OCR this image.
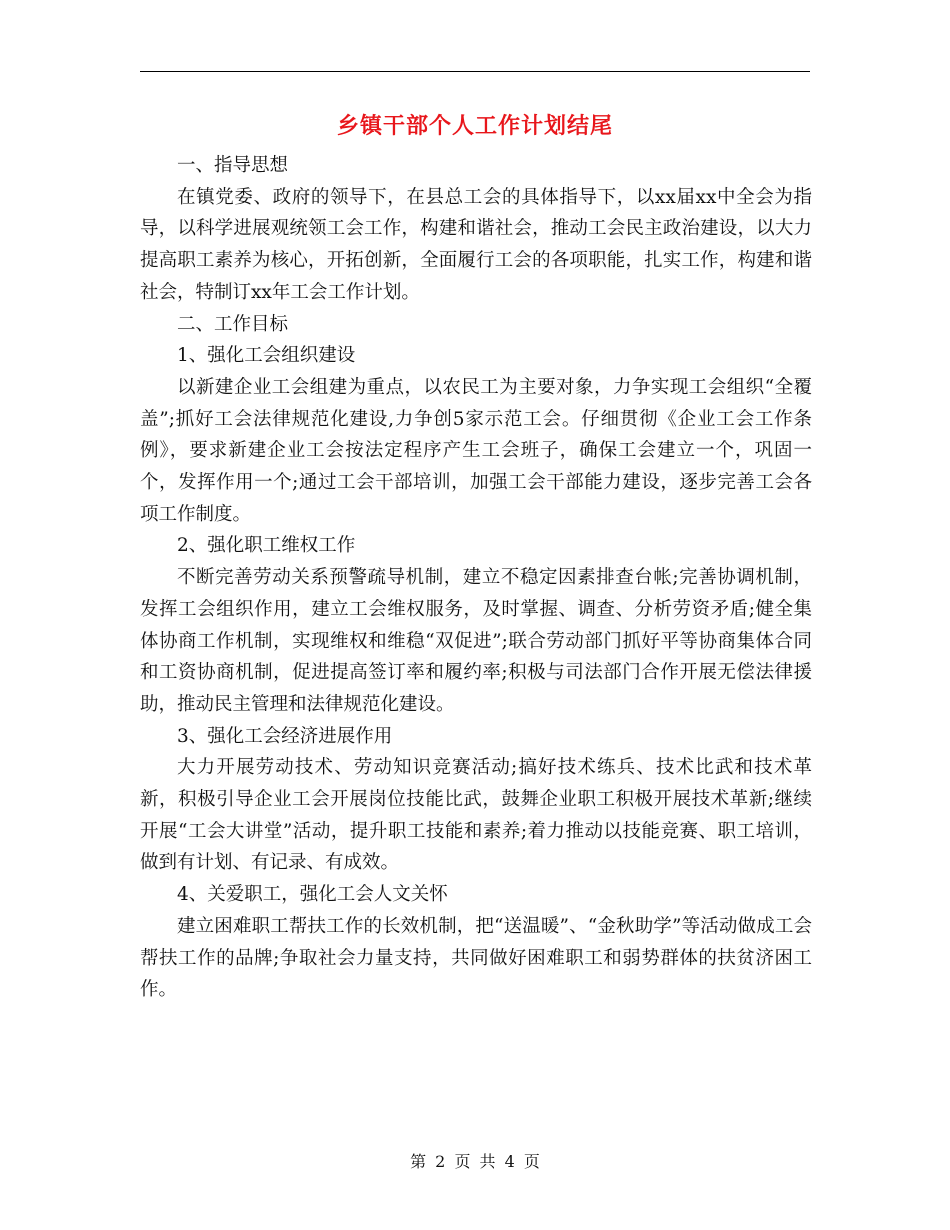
乡镇干部个人工作计划结尾

一、指导思想

在镇党委、政府的领导下，在县总工会的具体指导下，以xx届xx中全会为指导，以科学进展观统领工会工作，构建和谐社会，推动工会民主政治建设，以大力提高职工素养为核心，开拓创新，全面履行工会的各项职能，扎实工作，构建和谐社会，特制订xx年工会工作计划。

二、工作目标

1、强化工会组织建设

以新建企业工会组建为重点，以农民工为主要对象，力争实现工会组织“全覆盖”;抓好工会法律规范化建设,力争创5家示范工会。仔细贯彻《企业工会工作条例》，要求新建企业工会按法定程序产生工会班子，确保工会建立一个，巩固一个，发挥作用一个;通过工会干部培训，加强工会干部能力建设，逐步完善工会各项工作制度。

2、强化职工维权工作

不断完善劳动关系预警疏导机制，建立不稳定因素排查台帐;完善协调机制，发挥工会组织作用，建立工会维权服务，及时掌握、调查、分析劳资矛盾;健全集体协商工作机制，实现维权和维稳“双促进”;联合劳动部门抓好平等协商集体合同和工资协商机制，促进提高签订率和履约率;积极与司法部门合作开展无偿法律援助，推动民主管理和法律规范化建设。

3、强化工会经济进展作用

大力开展劳动技术、劳动知识竞赛活动;搞好技术练兵、技术比武和技术革新，积极引导企业工会开展岗位技能比武，鼓舞企业职工积极开展技术革新;继续开展“工会大讲堂”活动，提升职工技能和素养;着力推动以技能竞赛、职工培训，做到有计划、有记录、有成效。

4、关爱职工，强化工会人文关怀

建立困难职工帮扶工作的长效机制，把“送温暖”、“金秋助学”等活动做成工会帮扶工作的品牌;争取社会力量支持，共同做好困难职工和弱势群体的扶贫济困工作。

第 2 页 共 4 页
